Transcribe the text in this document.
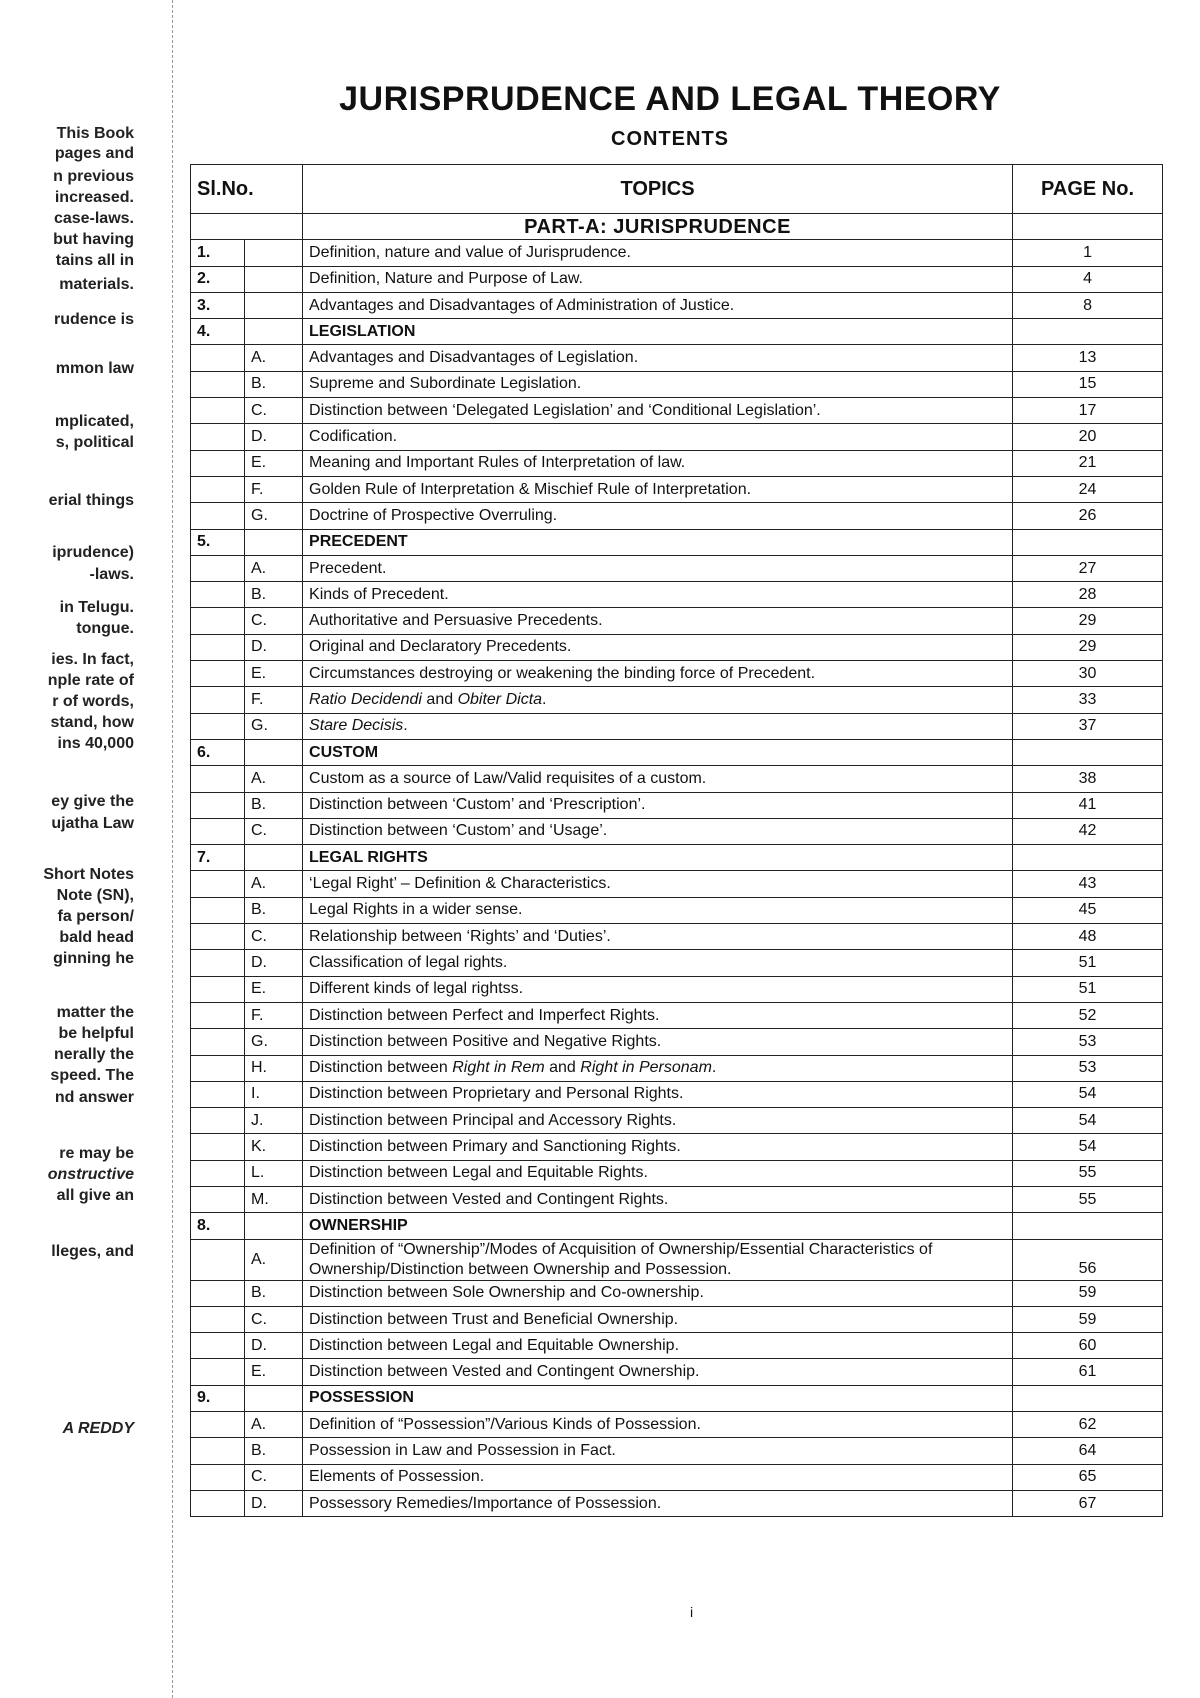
This Book
pages and
n previous
increased.
case-laws.
but having
tains all in
materials.
rudence is
mmon law
mplicated,
s, political
erial things
iprudence)
-laws.
in Telugu.
tongue.
ies. In fact,
nple rate of
r of words,
stand, how
ins 40,000
ey give the
ujatha Law
Short Notes
Note (SN),
fa person/
bald head
ginning he
matter the
be helpful
nerally the
speed. The
nd answer
re may be
onstructive
all give an
lleges, and
A REDDY
JURISPRUDENCE AND LEGAL THEORY
CONTENTS
Sl.No.		TOPICS	PAGE No.
		PART-A: JURISPRUDENCE	
1.		Definition, nature and value of Jurisprudence.	1
2.		Definition, Nature and Purpose of Law.	4
3.		Advantages and Disadvantages of Administration of Justice.	8
4.		LEGISLATION	
	A.	Advantages and Disadvantages of Legislation.	13
	B.	Supreme and Subordinate Legislation.	15
	C.	Distinction between ‘Delegated Legislation’ and ‘Conditional Legislation’.	17
	D.	Codification.	20
	E.	Meaning and Important Rules of Interpretation of law.	21
	F.	Golden Rule of Interpretation & Mischief Rule of Interpretation.	24
	G.	Doctrine of Prospective Overruling.	26
5.		PRECEDENT	
	A.	Precedent.	27
	B.	Kinds of Precedent.	28
	C.	Authoritative and Persuasive Precedents.	29
	D.	Original and Declaratory Precedents.	29
	E.	Circumstances destroying or weakening the binding force of Precedent.	30
	F.	Ratio Decidendi and Obiter Dicta.	33
	G.	Stare Decisis.	37
6.		CUSTOM	
	A.	Custom as a source of Law/Valid requisites of a custom.	38
	B.	Distinction between ‘Custom’ and ‘Prescription’.	41
	C.	Distinction between ‘Custom’ and ‘Usage’.	42
7.		LEGAL RIGHTS	
	A.	‘Legal Right’ – Definition & Characteristics.	43
	B.	Legal Rights in a wider sense.	45
	C.	Relationship between ‘Rights’ and ‘Duties’.	48
	D.	Classification of legal rights.	51
	E.	Different kinds of legal rightss.	51
	F.	Distinction between Perfect and Imperfect Rights.	52
	G.	Distinction between Positive and Negative Rights.	53
	H.	Distinction between Right in Rem and Right in Personam.	53
	I.	Distinction between Proprietary and Personal Rights.	54
	J.	Distinction between Principal and Accessory Rights.	54
	K.	Distinction between Primary and Sanctioning Rights.	54
	L.	Distinction between Legal and Equitable Rights.	55
	M.	Distinction between Vested and Contingent Rights.	55
8.		OWNERSHIP	
	A.	Definition of “Ownership”/Modes of Acquisition of Ownership/Essential Characteristics of Ownership/Distinction between Ownership and Possession.	56
	B.	Distinction between Sole Ownership and Co-ownership.	59
	C.	Distinction between Trust and Beneficial Ownership.	59
	D.	Distinction between Legal and Equitable Ownership.	60
	E.	Distinction between Vested and Contingent Ownership.	61
9.		POSSESSION	
	A.	Definition of “Possession”/Various Kinds of Possession.	62
	B.	Possession in Law and Possession in Fact.	64
	C.	Elements of Possession.	65
	D.	Possessory Remedies/Importance of Possession.	67
i
